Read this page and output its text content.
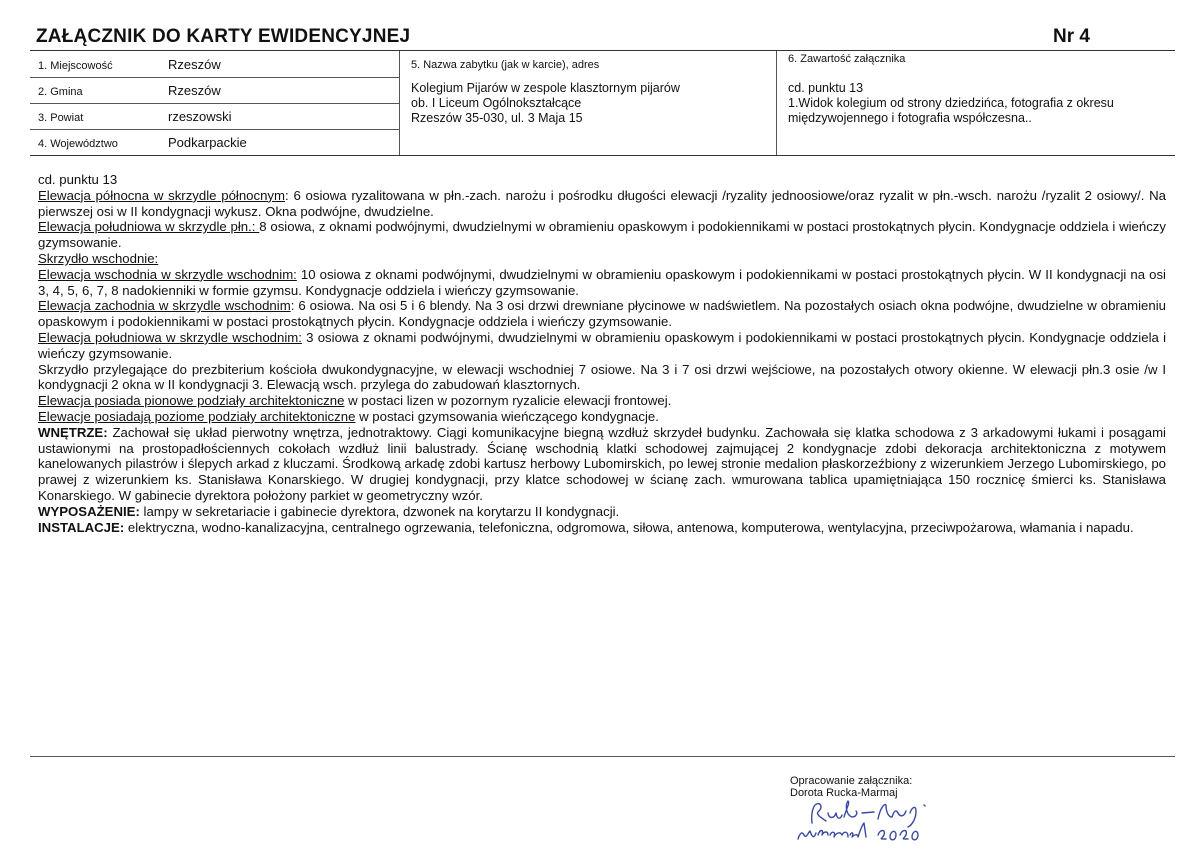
ZAŁĄCZNIK DO KARTY EWIDENCYJNEJ	Nr 4
1. Miejscowość	Rzeszów
2. Gmina	Rzeszów
3. Powiat	rzeszowski
4. Województwo	Podkarpackie
5. Nazwa zabytku (jak w karcie), adres
Kolegium Pijarów w zespole klasztornym pijarów
ob. I Liceum Ogólnokształcące
Rzeszów 35-030, ul. 3 Maja 15
6. Zawartość załącznika
cd. punktu 13
1.Widok kolegium od strony dziedzińca, fotografia z okresu międzywojennego i fotografia współczesna..

cd. punktu 13

Elewacja północna w skrzydle północnym: 6 osiowa ryzalitowana w płn.-zach. narożu i pośrodku długości elewacji /ryzality jednoosiowe/oraz ryzalit w płn.-wsch. narożu /ryzalit 2 osiowy/. Na pierwszej osi w II kondygnacji wykusz. Okna podwójne, dwudzielne.

Elewacja południowa w skrzydle płn.: 8 osiowa, z oknami podwójnymi, dwudzielnymi w obramieniu opaskowym i podokiennikami w postaci prostokątnych płycin. Kondygnacje oddziela i wieńczy gzymsowanie.

Skrzydło wschodnie:

Elewacja wschodnia w skrzydle wschodnim: 10 osiowa z oknami podwójnymi, dwudzielnymi w obramieniu opaskowym i podokiennikami w postaci prostokątnych płycin. W II kondygnacji na osi 3, 4, 5, 6, 7, 8 nadokienniki w formie gzymsu. Kondygnacje oddziela i wieńczy gzymsowanie.

Elewacja zachodnia w skrzydle wschodnim: 6 osiowa. Na osi 5 i 6 blendy. Na 3 osi drzwi drewniane płycinowe w nadświetlem. Na pozostałych osiach okna podwójne, dwudzielne w obramieniu opaskowym i podokiennikami w postaci prostokątnych płycin. Kondygnacje oddziela i wieńczy gzymsowanie.

Elewacja południowa w skrzydle wschodnim: 3 osiowa z oknami podwójnymi, dwudzielnymi w obramieniu opaskowym i podokiennikami w postaci prostokątnych płycin. Kondygnacje oddziela i wieńczy gzymsowanie.

Skrzydło przylegające do prezbiterium kościoła dwukondygnacyjne, w elewacji wschodniej 7 osiowe. Na 3 i 7 osi drzwi wejściowe, na pozostałych otwory okienne. W elewacji płn.3 osie /w I kondygnacji 2 okna w II kondygnacji 3. Elewacją wsch. przylega do zabudowań klasztornych.

Elewacja posiada pionowe podziały architektoniczne w postaci lizen w pozornym ryzalicie elewacji frontowej.

Elewacje posiadają poziome podziały architektoniczne w postaci gzymsowania wieńczącego kondygnacje.

WNĘTRZE: Zachował się układ pierwotny wnętrza, jednotraktowy. Ciągi komunikacyjne biegną wzdłuż skrzydeł budynku. Zachowała się klatka schodowa z 3 arkadowymi łukami i posągami ustawionymi na prostopadłościennych cokołach wzdłuż linii balustrady. Ścianę wschodnią klatki schodowej zajmującej 2 kondygnacje zdobi dekoracja architektoniczna z motywem kanelowanych pilastrów i ślepych arkad z kluczami. Środkową arkadę zdobi kartusz herbowy Lubomirskich, po lewej stronie medalion płaskorzeźbiony z wizerunkiem Jerzego Lubomirskiego, po prawej z wizerunkiem ks. Stanisława Konarskiego. W drugiej kondygnacji, przy klatce schodowej w ścianę zach. wmurowana tablica upamiętniająca 150 rocznicę śmierci ks. Stanisława Konarskiego. W gabinecie dyrektora położony parkiet w geometryczny wzór.

WYPOSAŻENIE: lampy w sekretariacie i gabinecie dyrektora, dzwonek na korytarzu II kondygnacji.

INSTALACJE: elektryczna, wodno-kanalizacyjna, centralnego ogrzewania, telefoniczna, odgromowa, siłowa, antenowa, komputerowa, wentylacyjna, przeciwpożarowa, włamania i napadu.

Opracowanie załącznika:
Dorota Rucka-Marmaj
